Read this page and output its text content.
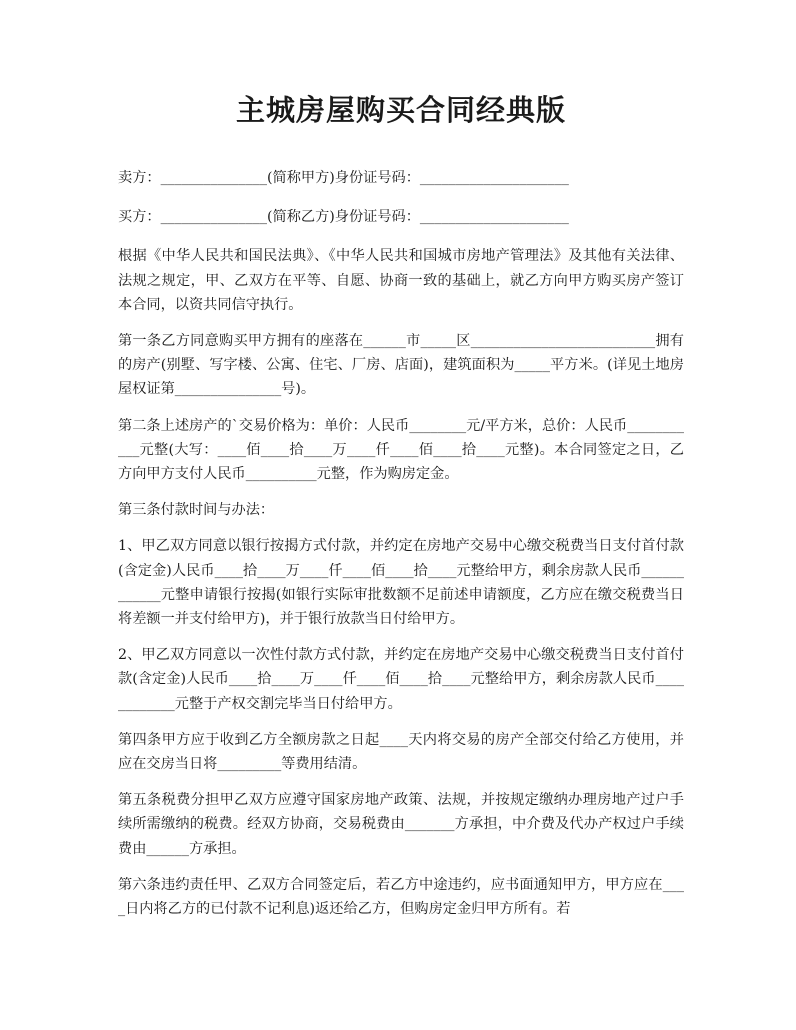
主城房屋购买合同经典版

卖方：_______________(简称甲方)身份证号码：_____________________

买方：_______________(简称乙方)身份证号码：_____________________

根据《中华人民共和国民法典》、《中华人民共和国城市房地产管理法》及其他有关法律、法规之规定，甲、乙双方在平等、自愿、协商一致的基础上，就乙方向甲方购买房产签订本合同，以资共同信守执行。

第一条乙方同意购买甲方拥有的座落在______市_____区__________________________拥有的房产(别墅、写字楼、公寓、住宅、厂房、店面)，建筑面积为_____平方米。(详见土地房屋权证第_______________号)。

第二条上述房产的`交易价格为：单价：人民币________元/平方米，总价：人民币___________元整(大写：____佰____拾____万____仟____佰____拾____元整)。本合同签定之日，乙方向甲方支付人民币__________元整，作为购房定金。

第三条付款时间与办法：

1、甲乙双方同意以银行按揭方式付款，并约定在房地产交易中心缴交税费当日支付首付款(含定金)人民币____拾____万____仟____佰____拾____元整给甲方，剩余房款人民币____________元整申请银行按揭(如银行实际审批数额不足前述申请额度，乙方应在缴交税费当日将差额一并支付给甲方)，并于银行放款当日付给甲方。

2、甲乙双方同意以一次性付款方式付款，并约定在房地产交易中心缴交税费当日支付首付款(含定金)人民币____拾____万____仟____佰____拾____元整给甲方，剩余房款人民币____________元整于产权交割完毕当日付给甲方。

第四条甲方应于收到乙方全额房款之日起____天内将交易的房产全部交付给乙方使用，并应在交房当日将_________等费用结清。

第五条税费分担甲乙双方应遵守国家房地产政策、法规，并按规定缴纳办理房地产过户手续所需缴纳的税费。经双方协商，交易税费由_______方承担，中介费及代办产权过户手续费由______方承担。

第六条违约责任甲、乙双方合同签定后，若乙方中途违约，应书面通知甲方，甲方应在____日内将乙方的已付款不记利息)返还给乙方，但购房定金归甲方所有。若
